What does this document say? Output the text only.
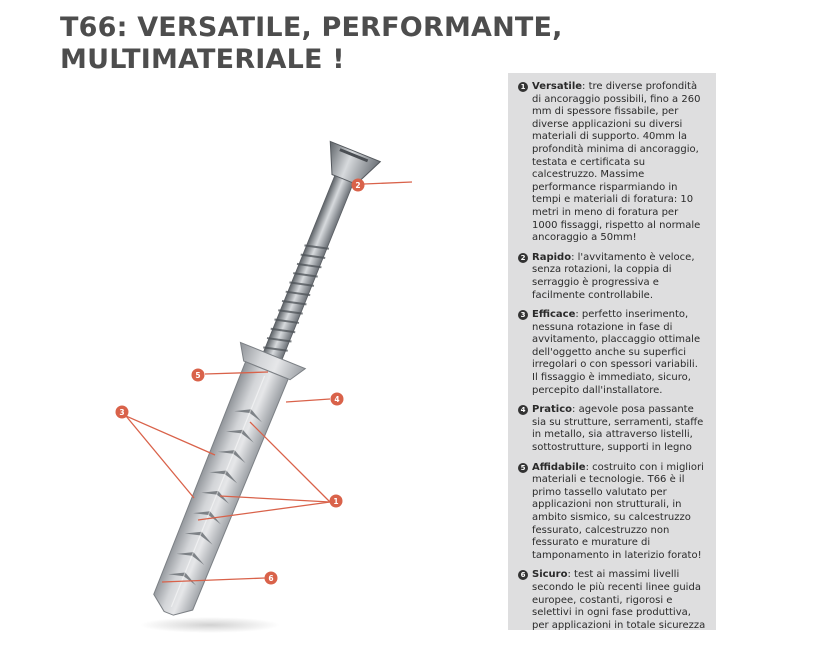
T66: VERSATILE, PERFORMANTE,
MULTIMATERIALE !
2
5
4
3
1
6
1 Versatile: tre diverse profondità di ancoraggio possibili, fino a 260 mm di spessore fissabile, per diverse applicazioni su diversi materiali di supporto. 40mm la profondità minima di ancoraggio, testata e certificata su calcestruzzo. Massime performance risparmiando in tempi e materiali di foratura: 10 metri in meno di foratura per 1000 fissaggi, rispetto al normale ancoraggio a 50mm!
2 Rapido: l'avvitamento è veloce, senza rotazioni, la coppia di serraggio è progressiva e facilmente controllabile.
3 Efficace: perfetto inserimento, nessuna rotazione in fase di avvitamento, placcaggio ottimale dell'oggetto anche su superfici irregolari o con spessori variabili. Il fissaggio è immediato, sicuro, percepito dall'installatore.
4 Pratico: agevole posa passante sia su strutture, serramenti, staffe in metallo, sia attraverso listelli, sottostrutture, supporti in legno
5 Affidabile: costruito con i migliori materiali e tecnologie. T66 è il primo tassello valutato per applicazioni non strutturali, in ambito sismico, su calcestruzzo fessurato, calcestruzzo non fessurato e murature di tamponamento in laterizio forato!
6 Sicuro: test ai massimi livelli secondo le più recenti linee guida europee, costanti, rigorosi e selettivi in ogni fase produttiva, per applicazioni in totale sicurezza
